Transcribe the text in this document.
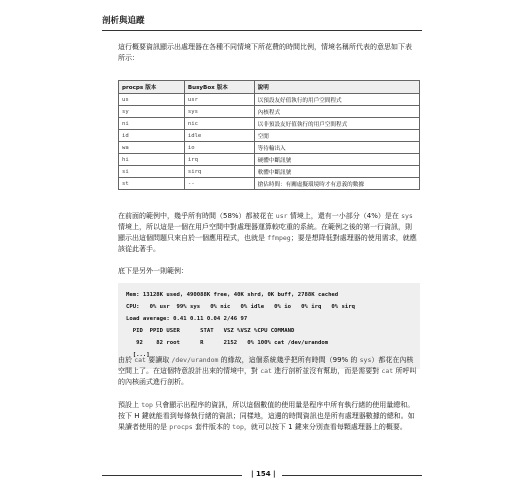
剖析與追蹤

這行概要資訊顯示出處理器在各種不同情境下所花費的時間比例，情境名稱所代表的意思如下表所示：

procps 版本	BusyBox 版本	說明
us	usr	以預設友好值執行的用戶空間程式
sy	sys	內核程式
ni	nic	以非預設友好值執行的用戶空間程式
id	idle	空閒
wa	io	等待輸出入
hi	irq	硬體中斷訊號
si	sirq	軟體中斷訊號
st	--	搶佔時間：有關虛擬環境時才有意義的數據

在前面的範例中，幾乎所有時間（58%）都被花在 usr 情境上，還有一小部分（4%）是在 sys 情境上，所以這是一個在用戶空間中對處理器運算較吃重的系統。在範例之後的第一行資訊，則顯示出這個問題只來自於一個應用程式，也就是 ffmpeg；要是想降低對處理器的使用需求，就應該從此著手。

底下是另外一則範例：

Mem: 13128K used, 490088K free, 40K shrd, 0K buff, 2788K cached
CPU:   0% usr  99% sys   0% nic   0% idle   0% io   0% irq   0% sirq
Load average: 0.41 0.11 0.04 2/46 97
PID  PPID USER      STAT   VSZ %VSZ %CPU COMMAND
92    82 root      R      2152   0% 100% cat /dev/urandom
[...]

由於 cat 要讀取 /dev/urandom 的緣故，這個系統幾乎把所有時間（99% 的 sys）都花在內核空間上了。在這個特意設計出來的情境中，對 cat 進行剖析並沒有幫助，而是需要對 cat 所呼叫的內核函式進行剖析。

預設上 top 只會顯示出程序的資訊，所以這個數值的使用量是程序中所有執行緒的使用量總和。按下 H 鍵就能看到每條執行緒的資訊；同樣地，這邊的時間資訊也是所有處理器數據的總和。如果讀者使用的是 procps 套件版本的 top，就可以按下 1 鍵來分別查看每顆處理器上的概要。

| 154 |
